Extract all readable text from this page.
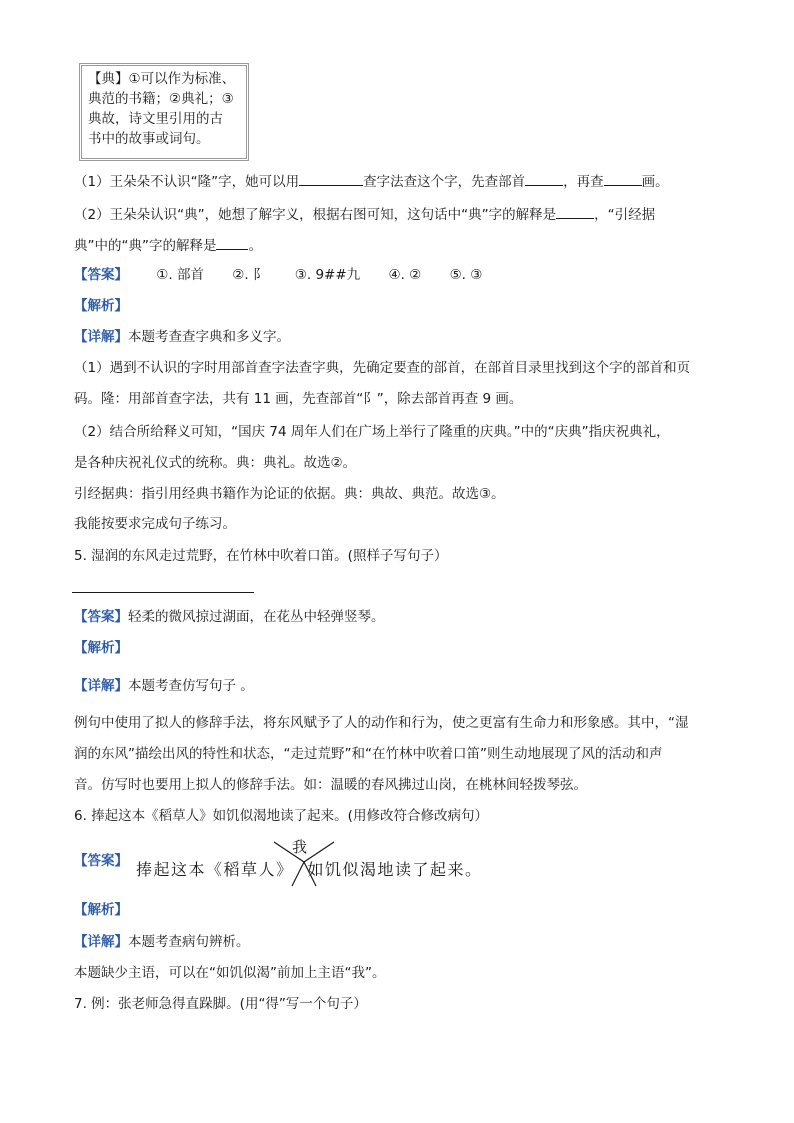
【典】①可以作为标准、
典范的书籍；②典礼；③
典故，诗文里引用的古
书中的故事或词句。
（1）王朵朵不认识“隆”字，她可以用	查字法查这个字，先查部首	，再查	画。
（2）王朵朵认识“典”，她想了解字义，根据右图可知，这句话中“典”字的解释是	，“引经据
典”中的“典”字的解释是 。
【答案】 ①. 部首 ②. 阝 ③. 9##九 ④. ② ⑤. ③
【解析】
【详解】本题考查查字典和多义字。
（1）遇到不认识的字时用部首查字法查字典，先确定要查的部首，在部首目录里找到这个字的部首和页
码。隆：用部首查字法，共有 11 画，先查部首“阝”，除去部首再查 9 画。
（2）结合所给释义可知，“国庆 74 周年人们在广场上举行了隆重的庆典。”中的“庆典”指庆祝典礼，
是各种庆祝礼仪式的统称。典：典礼。故选②。
引经据典：指引用经典书籍作为论证的依据。典：典故、典范。故选③。
我能按要求完成句子练习。
5. 湿润的东风走过荒野，在竹林中吹着口笛。(照样子写句子）
【答案】轻柔的微风掠过湖面，在花丛中轻弹竖琴。
【解析】
【详解】本题考查仿写句子 。
例句中使用了拟人的修辞手法，将东风赋予了人的动作和行为，使之更富有生命力和形象感。其中，“湿
润的东风”描绘出风的特性和状态，“走过荒野”和“在竹林中吹着口笛”则生动地展现了风的活动和声
音。仿写时也要用上拟人的修辞手法。如：温暖的春风拂过山岗，在桃林间轻拨琴弦。
6. 捧起这本《稻草人》如饥似渴地读了起来。(用修改符合修改病句）
【答案】
我
捧起这本《稻草人》 如饥似渴地读了起来。
【解析】
【详解】本题考查病句辨析。
本题缺少主语，可以在“如饥似渴”前加上主语“我”。
7. 例：张老师急得直跺脚。(用“得”写一个句子）
